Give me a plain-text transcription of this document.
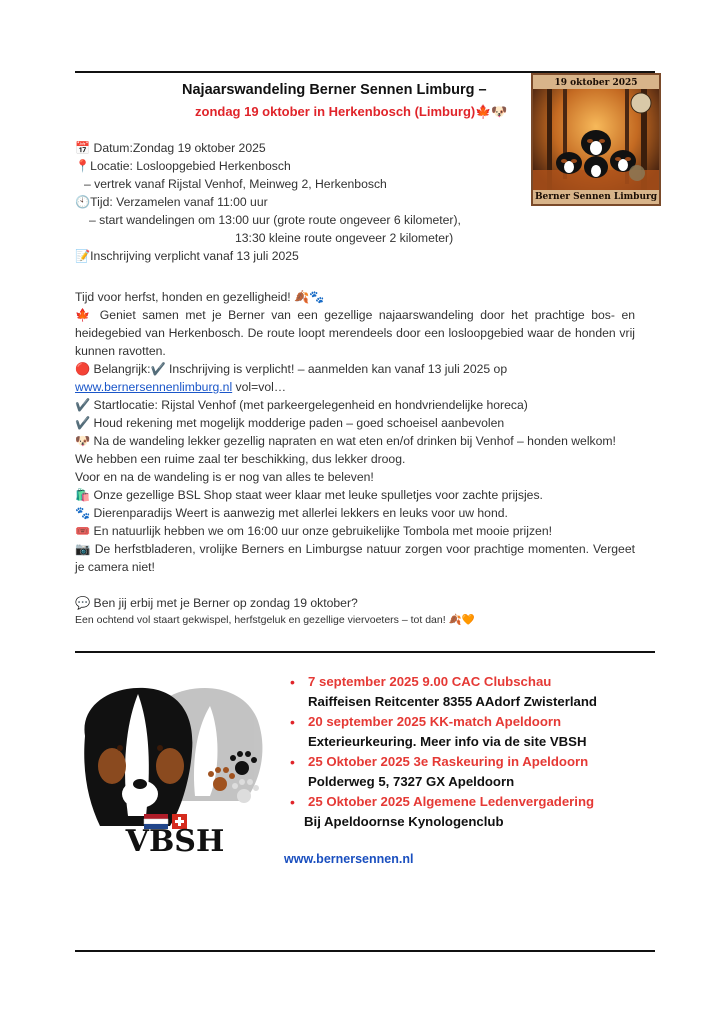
Najaarswandeling Berner Sennen Limburg –
zondag 19 oktober in Herkenbosch (Limburg)🍁🐶
19 oktober 2025
Berner Sennen Limburg
📅 Datum:Zondag 19 oktober 2025
📍Locatie: Losloopgebied Herkenbosch
– vertrek vanaf Rijstal Venhof, Meinweg 2, Herkenbosch
🕙Tijd: Verzamelen vanaf 11:00 uur
– start wandelingen om 13:00 uur (grote route ongeveer 6 kilometer),
13:30 kleine route ongeveer 2 kilometer)
📝Inschrijving verplicht vanaf 13 juli 2025

Tijd voor herfst, honden en gezelligheid! 🍂🐾

🍁 Geniet samen met je Berner van een gezellige najaarswandeling door het prachtige bos- en heidegebied van Herkenbosch. De route loopt merendeels door een losloopgebied waar de honden vrij kunnen ravotten.

🔴 Belangrijk:✔️ Inschrijving is verplicht! – aanmelden kan vanaf 13 juli 2025 op

www.bernersennenlimburg.nl vol=vol…

✔️ Startlocatie: Rijstal Venhof (met parkeergelegenheid en hondvriendelijke horeca)

✔️ Houd rekening met mogelijk modderige paden – goed schoeisel aanbevolen

🐶 Na de wandeling lekker gezellig napraten en wat eten en/of drinken bij Venhof – honden welkom! We hebben een ruime zaal ter beschikking, dus lekker droog.

Voor en na de wandeling is er nog van alles te beleven!

🛍️ Onze gezellige BSL Shop staat weer klaar met leuke spulletjes voor zachte prijsjes.

🐾 Dierenparadijs Weert is aanwezig met allerlei lekkers en leuks voor uw hond.

🎟️ En natuurlijk hebben we om 16:00 uur onze gebruikelijke Tombola met mooie prijzen!

📷 De herfstbladeren, vrolijke Berners en Limburgse natuur zorgen voor prachtige momenten. Vergeet je camera niet!

💬 Ben jij erbij met je Berner op zondag 19 oktober?

Een ochtend vol staart gekwispel, herfstgeluk en gezellige viervoeters – tot dan! 🍂🧡

VBSH
• 7 september 2025 9.00 CAC Clubschau
Raiffeisen Reitcenter 8355 AAdorf Zwisterland
• 20 september 2025 KK-match Apeldoorn
Exterieurkeuring. Meer info via de site VBSH
• 25 Oktober 2025 3e Raskeuring in Apeldoorn
Polderweg 5, 7327 GX Apeldoorn
• 25 Oktober 2025 Algemene Ledenvergadering
Bij Apeldoornse Kynologenclub
www.bernersennen.nl
